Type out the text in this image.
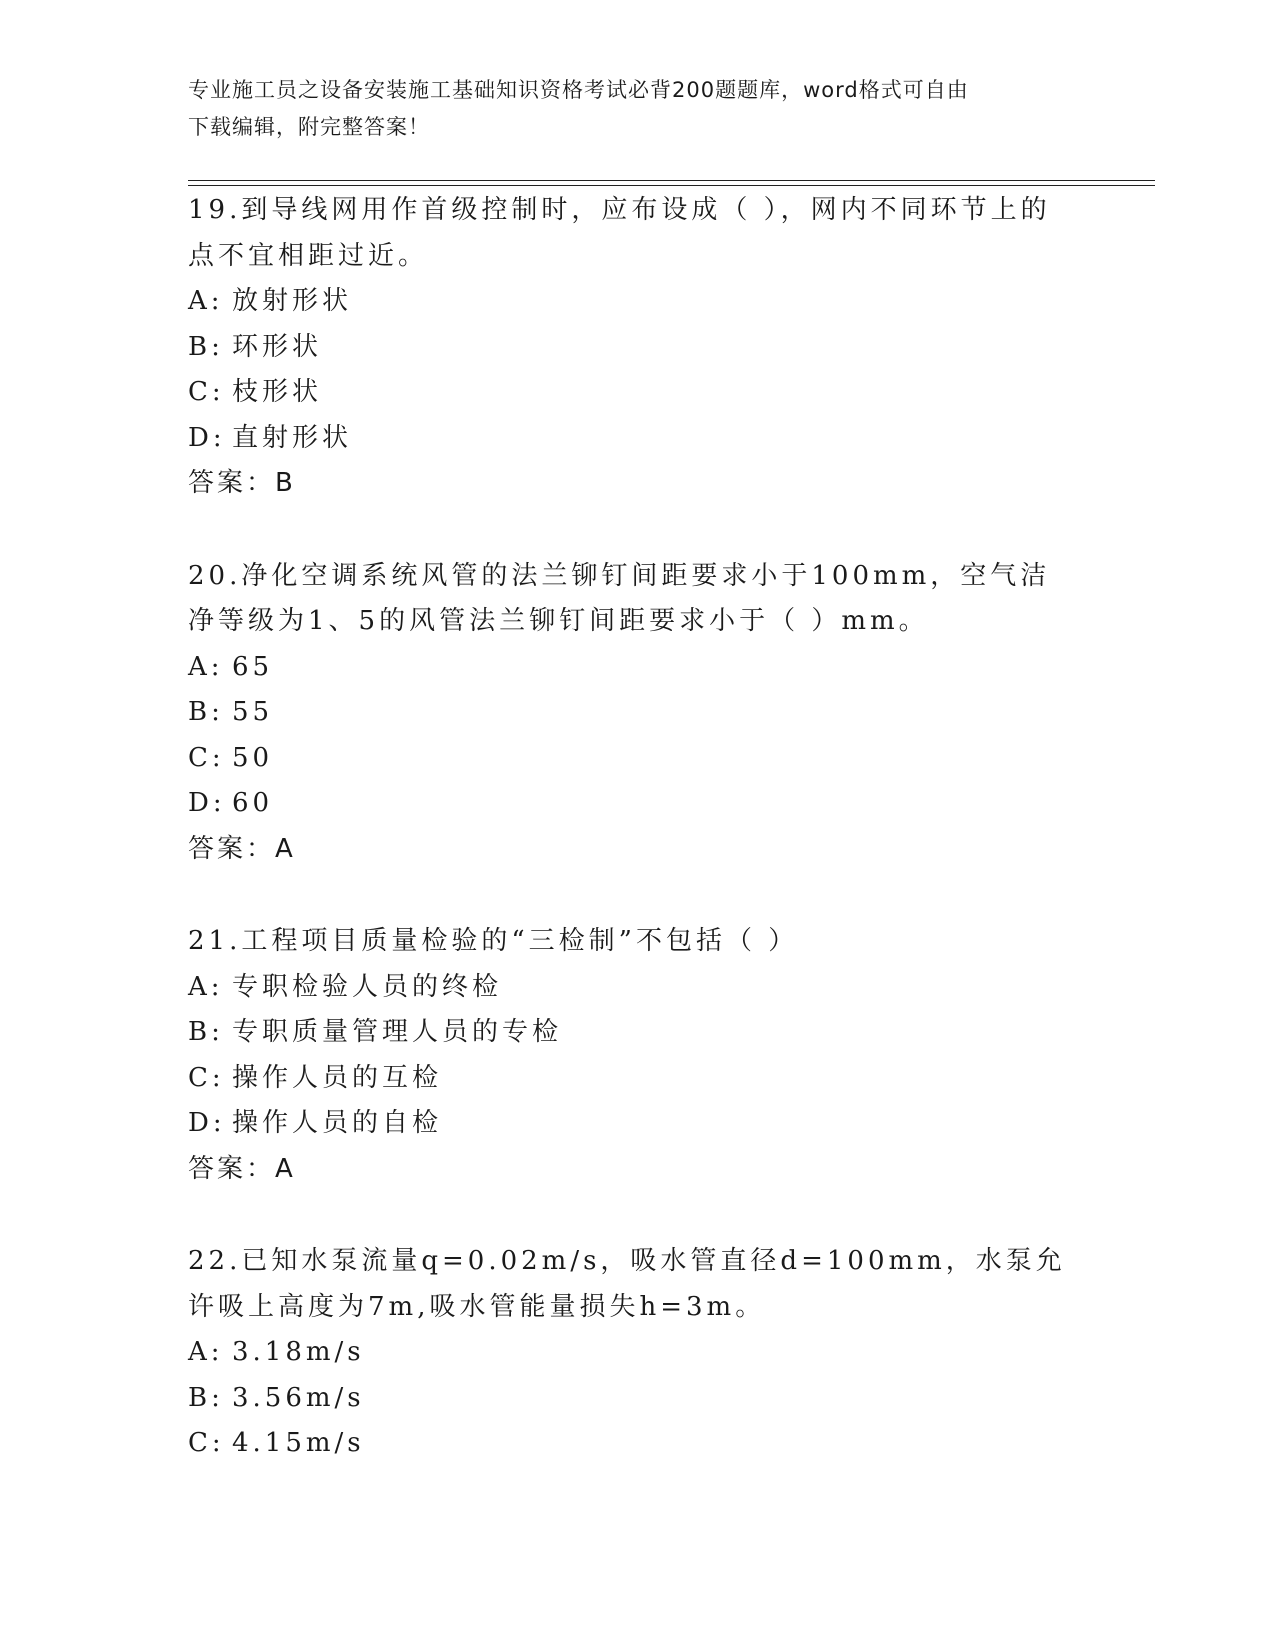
专业施工员之设备安装施工基础知识资格考试必背200题题库，word格式可自由
下载编辑，附完整答案！
19.到导线网用作首级控制时，应布设成（ ），网内不同环节上的点不宜相距过近。
A: 放射形状
B: 环形状
C: 枝形状
D: 直射形状
答案：B
20.净化空调系统风管的法兰铆钉间距要求小于100mm，空气洁净等级为1、5的风管法兰铆钉间距要求小于（ ）mm。
A: 65
B: 55
C: 50
D: 60
答案：A
21.工程项目质量检验的“三检制”不包括（ ）
A: 专职检验人员的终检
B: 专职质量管理人员的专检
C: 操作人员的互检
D: 操作人员的自检
答案：A
22.已知水泵流量q=0.02m/s，吸水管直径d=100mm，水泵允许吸上高度为7m,吸水管能量损失h=3m。
A: 3.18m/s
B: 3.56m/s
C: 4.15m/s
